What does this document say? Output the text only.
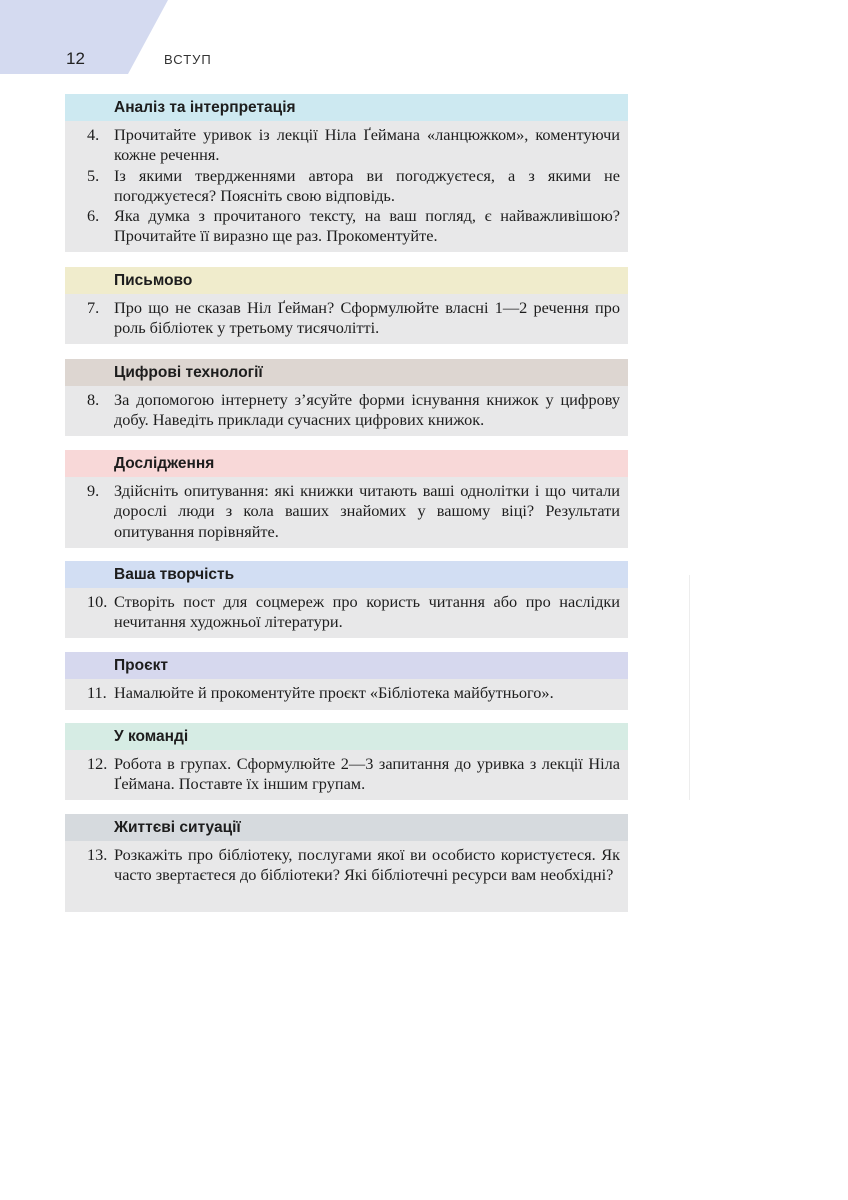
12	ВСТУП
Аналіз та інтерпретація
4. Прочитайте уривок із лекції Ніла Ґеймана «ланцюжком», коментуючи кожне речення.
5. Із якими твердженнями автора ви погоджуєтеся, а з якими не погоджуєтеся? Поясніть свою відповідь.
6. Яка думка з прочитаного тексту, на ваш погляд, є найважливішою? Прочитайте її виразно ще раз. Прокоментуйте.
Письмово
7. Про що не сказав Ніл Ґейман? Сформулюйте власні 1—2 речення про роль бібліотек у третьому тисячолітті.
Цифрові технології
8. За допомогою інтернету з’ясуйте форми існування книжок у цифрову добу. Наведіть приклади сучасних цифрових книжок.
Дослідження
9. Здійсніть опитування: які книжки читають ваші однолітки і що читали дорослі люди з кола ваших знайомих у вашому віці? Результати опитування порівняйте.
Ваша творчість
10. Створіть пост для соцмереж про користь читання або про наслідки нечитання художньої літератури.
Проєкт
11. Намалюйте й прокоментуйте проєкт «Бібліотека майбутнього».
У команді
12. Робота в групах. Сформулюйте 2—3 запитання до уривка з лекції Ніла Ґеймана. Поставте їх іншим групам.
Життєві ситуації
13. Розкажіть про бібліотеку, послугами якої ви особисто користуєтеся. Як часто звертаєтеся до бібліотеки? Які бібліотечні ресурси вам необхідні?
